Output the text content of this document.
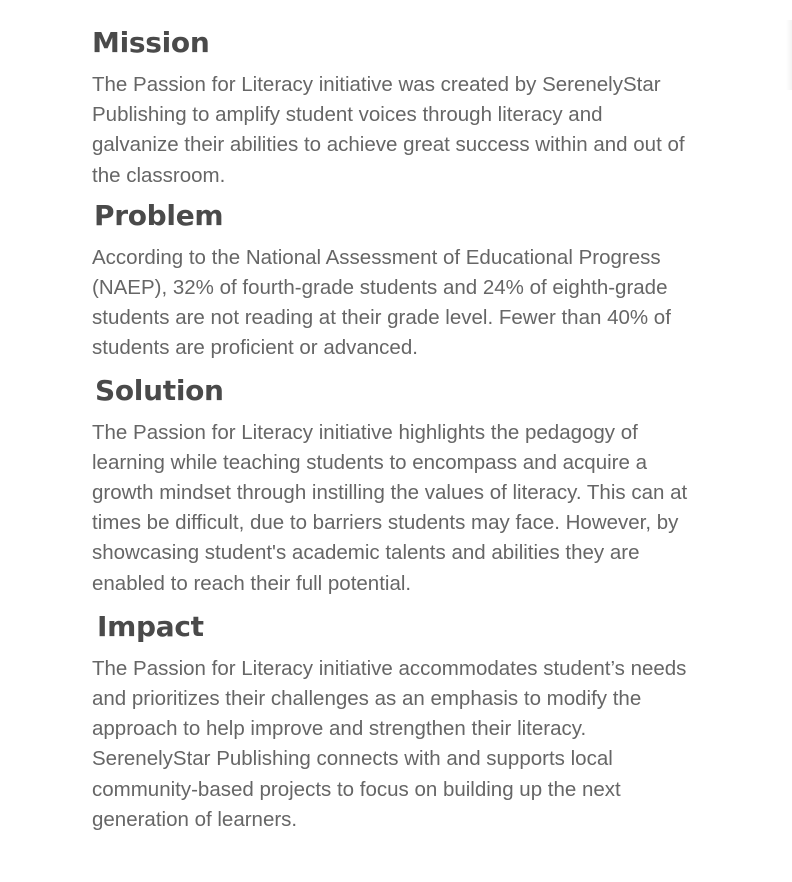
Mission

The Passion for Literacy initiative was created by SerenelyStar Publishing to amplify student voices through literacy and galvanize their abilities to achieve great success within and out of the classroom.

Problem

According to the National Assessment of Educational Progress (NAEP), 32% of fourth-grade students and 24% of eighth-grade students are not reading at their grade level. Fewer than 40% of students are proficient or advanced.

Solution

The Passion for Literacy initiative highlights the pedagogy of learning while teaching students to encompass and acquire a growth mindset through instilling the values of literacy. This can at times be difficult, due to barriers students may face. However, by showcasing student's academic talents and abilities they are enabled to reach their full potential.

Impact

The Passion for Literacy initiative accommodates student’s needs and prioritizes their challenges as an emphasis to modify the approach to help improve and strengthen their literacy. SerenelyStar Publishing connects with and supports local community-based projects to focus on building up the next generation of learners.
